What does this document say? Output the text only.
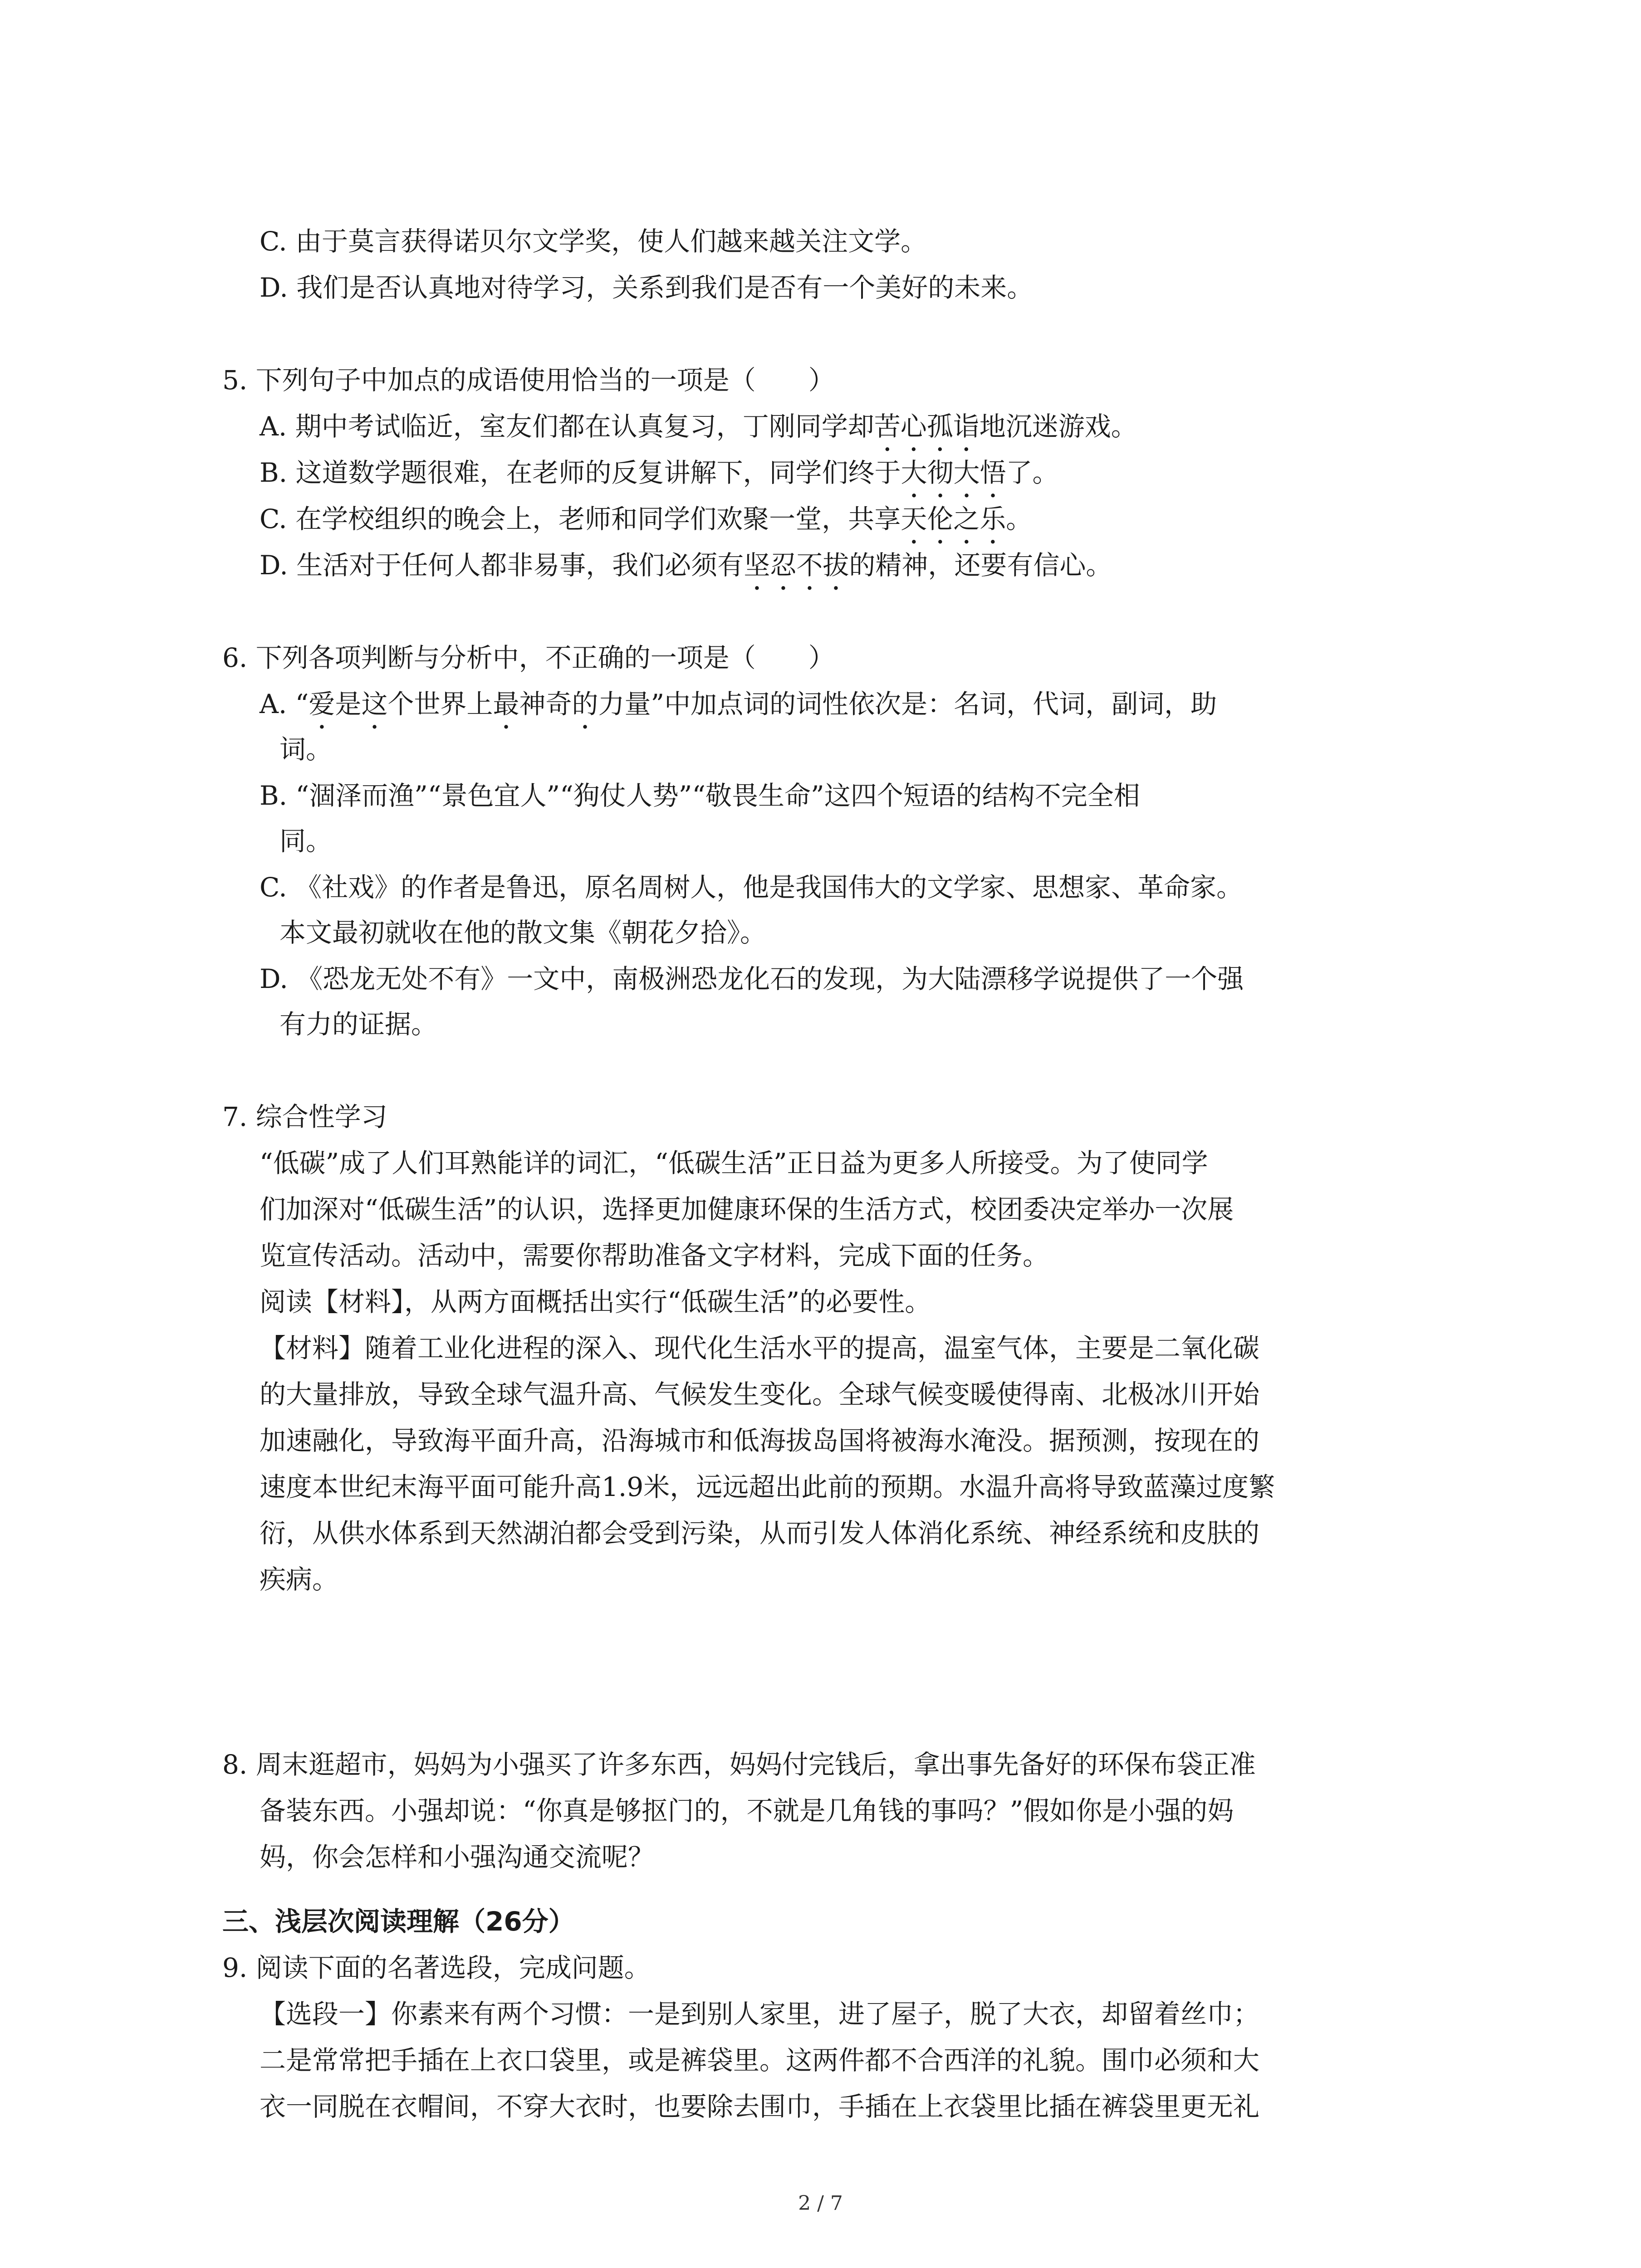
C. 由于莫言获得诺贝尔文学奖，使人们越来越关注文学。
D. 我们是否认真地对待学习，关系到我们是否有一个美好的未来。
5. 下列句子中加点的成语使用恰当的一项是（　　）
A. 期中考试临近，室友们都在认真复习，丁刚同学却苦心孤诣地沉迷游戏。
B. 这道数学题很难，在老师的反复讲解下，同学们终于大彻大悟了。
C. 在学校组织的晚会上，老师和同学们欢聚一堂，共享天伦之乐。
D. 生活对于任何人都非易事，我们必须有坚忍不拔的精神，还要有信心。
6. 下列各项判断与分析中，不正确的一项是（　　）
A. “爱是这个世界上最神奇的力量”中加点词的词性依次是：名词，代词，副词，助
词。
B. “涸泽而渔”“景色宜人”“狗仗人势”“敬畏生命”这四个短语的结构不完全相
同。
C. 《社戏》的作者是鲁迅，原名周树人，他是我国伟大的文学家、思想家、革命家。
本文最初就收在他的散文集《朝花夕拾》。
D. 《恐龙无处不有》一文中，南极洲恐龙化石的发现，为大陆漂移学说提供了一个强
有力的证据。
7. 综合性学习
“低碳”成了人们耳熟能详的词汇，“低碳生活”正日益为更多人所接受。为了使同学
们加深对“低碳生活”的认识，选择更加健康环保的生活方式，校团委决定举办一次展
览宣传活动。活动中，需要你帮助准备文字材料，完成下面的任务。
阅读【材料】，从两方面概括出实行“低碳生活”的必要性。
【材料】随着工业化进程的深入、现代化生活水平的提高，温室气体，主要是二氧化碳
的大量排放，导致全球气温升高、气候发生变化。全球气候变暖使得南、北极冰川开始
加速融化，导致海平面升高，沿海城市和低海拔岛国将被海水淹没。据预测，按现在的
速度本世纪末海平面可能升高1.9米，远远超出此前的预期。水温升高将导致蓝藻过度繁
衍，从供水体系到天然湖泊都会受到污染，从而引发人体消化系统、神经系统和皮肤的
疾病。
8. 周末逛超市，妈妈为小强买了许多东西，妈妈付完钱后，拿出事先备好的环保布袋正准
备装东西。小强却说：“你真是够抠门的，不就是几角钱的事吗？”假如你是小强的妈
妈，你会怎样和小强沟通交流呢？
三、浅层次阅读理解（26分）
9. 阅读下面的名著选段，完成问题。
【选段一】你素来有两个习惯：一是到别人家里，进了屋子，脱了大衣，却留着丝巾；
二是常常把手插在上衣口袋里，或是裤袋里。这两件都不合西洋的礼貌。围巾必须和大
衣一同脱在衣帽间，不穿大衣时，也要除去围巾，手插在上衣袋里比插在裤袋里更无礼
2 / 7
